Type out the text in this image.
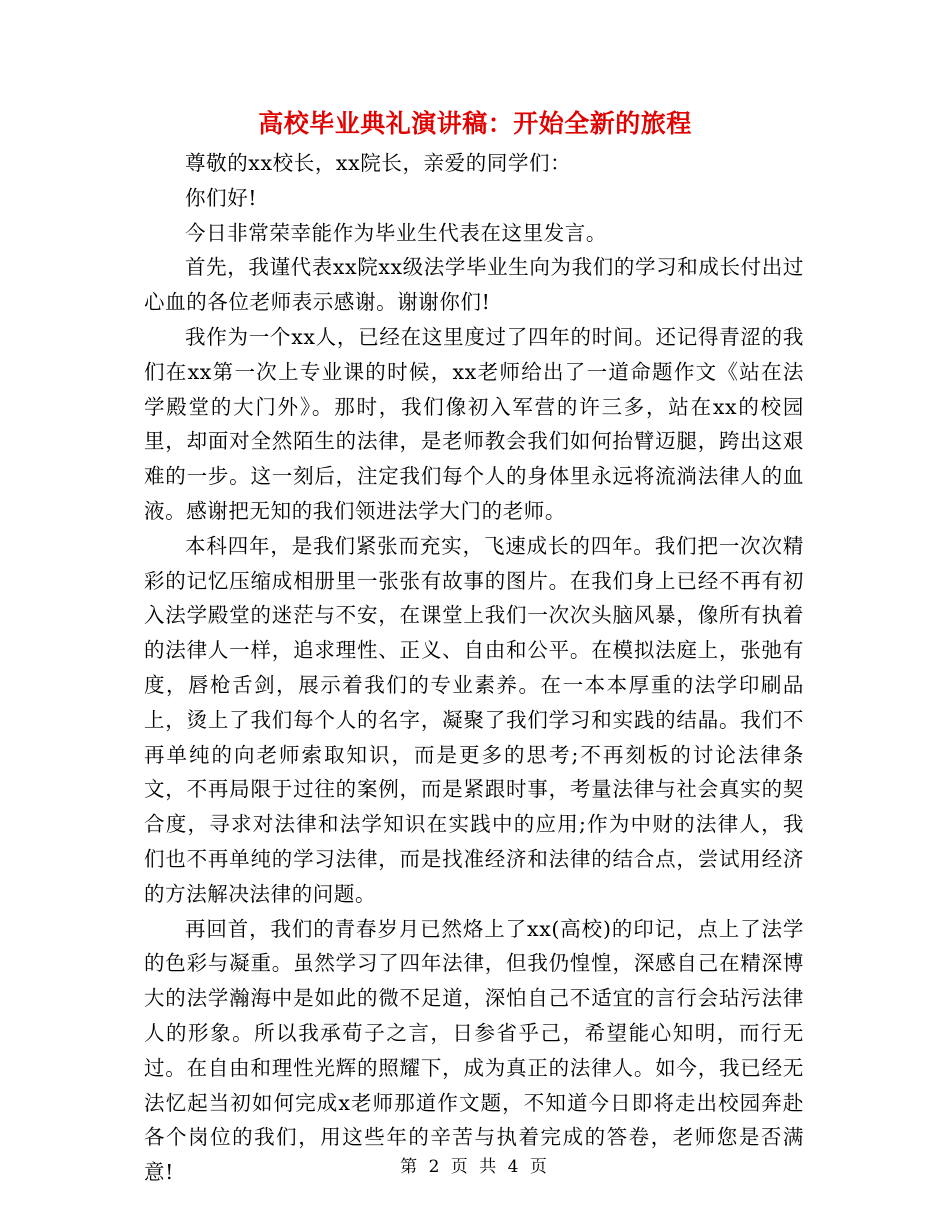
高校毕业典礼演讲稿：开始全新的旅程

尊敬的xx校长，xx院长，亲爱的同学们：

你们好!

今日非常荣幸能作为毕业生代表在这里发言。

首先，我谨代表xx院xx级法学毕业生向为我们的学习和成长付出过心血的各位老师表示感谢。谢谢你们!

我作为一个xx人，已经在这里度过了四年的时间。还记得青涩的我们在xx第一次上专业课的时候，xx老师给出了一道命题作文《站在法学殿堂的大门外》。那时，我们像初入军营的许三多，站在xx的校园里，却面对全然陌生的法律，是老师教会我们如何抬臂迈腿，跨出这艰难的一步。这一刻后，注定我们每个人的身体里永远将流淌法律人的血液。感谢把无知的我们领进法学大门的老师。

本科四年，是我们紧张而充实，飞速成长的四年。我们把一次次精彩的记忆压缩成相册里一张张有故事的图片。在我们身上已经不再有初入法学殿堂的迷茫与不安，在课堂上我们一次次头脑风暴，像所有执着的法律人一样，追求理性、正义、自由和公平。在模拟法庭上，张弛有度，唇枪舌剑，展示着我们的专业素养。在一本本厚重的法学印刷品上，烫上了我们每个人的名字，凝聚了我们学习和实践的结晶。我们不再单纯的向老师索取知识，而是更多的思考;不再刻板的讨论法律条文，不再局限于过往的案例，而是紧跟时事，考量法律与社会真实的契合度，寻求对法律和法学知识在实践中的应用;作为中财的法律人，我们也不再单纯的学习法律，而是找准经济和法律的结合点，尝试用经济的方法解决法律的问题。

再回首，我们的青春岁月已然烙上了xx(高校)的印记，点上了法学的色彩与凝重。虽然学习了四年法律，但我仍惶惶，深感自己在精深博大的法学瀚海中是如此的微不足道，深怕自己不适宜的言行会玷污法律人的形象。所以我承荀子之言，日参省乎己，希望能心知明，而行无过。在自由和理性光辉的照耀下，成为真正的法律人。如今，我已经无法忆起当初如何完成x老师那道作文题，不知道今日即将走出校园奔赴各个岗位的我们，用这些年的辛苦与执着完成的答卷，老师您是否满意!	第 2 页 共 4 页
